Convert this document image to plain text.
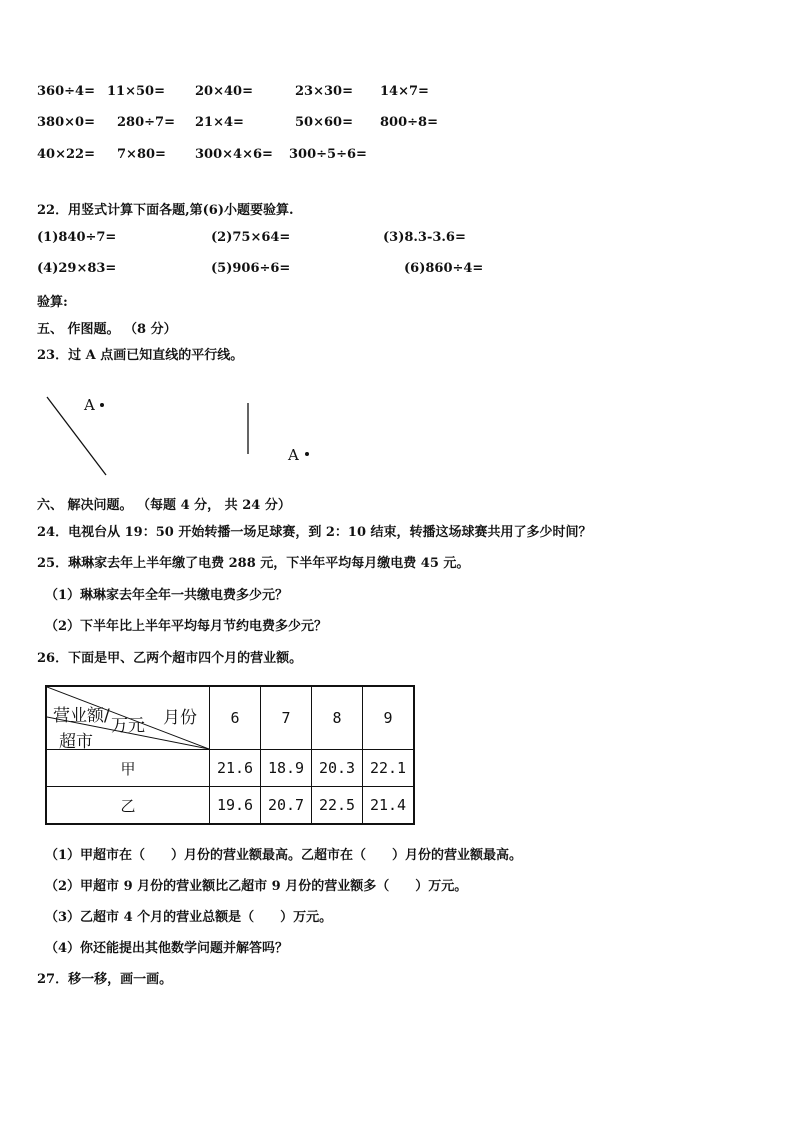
360÷4= 11×50= 20×40=	23×30= 14×7=
380×0= 280÷7= 21×4=	50×60= 800÷8=
40×22= 7×80= 300×4×6= 300÷5÷6=
22．用竖式计算下面各题,第(6)小题要验算.
(1)840÷7=	(2)75×64=	(3)8.3-3.6=
(4)29×83=	(5)906÷6=	(6)860÷4=
验算:
五、 作图题。 （8 分）
23．过 A 点画已知直线的平行线。
A
A
六、 解决问题。 （每题 4 分， 共 24 分）
24．电视台从 19：50 开始转播一场足球赛，到 2：10 结束，转播这场球赛共用了多少时间？
25．琳琳家去年上半年缴了电费 288 元，下半年平均每月缴电费 45 元。
（1）琳琳家去年全年一共缴电费多少元？
（2）下半年比上半年平均每月节约电费多少元？
26．下面是甲、乙两个超市四个月的营业额。
营业额/ 万元 月份
超市	6	7	8	9
甲	21.6	18.9	20.3	22.1
乙	19.6	20.7	22.5	21.4
（1）甲超市在（　　）月份的营业额最高。乙超市在（　　）月份的营业额最高。
（2）甲超市 9 月份的营业额比乙超市 9 月份的营业额多（　　）万元。
（3）乙超市 4 个月的营业总额是（　　）万元。
（4）你还能提出其他数学问题并解答吗？
27．移一移，画一画。
